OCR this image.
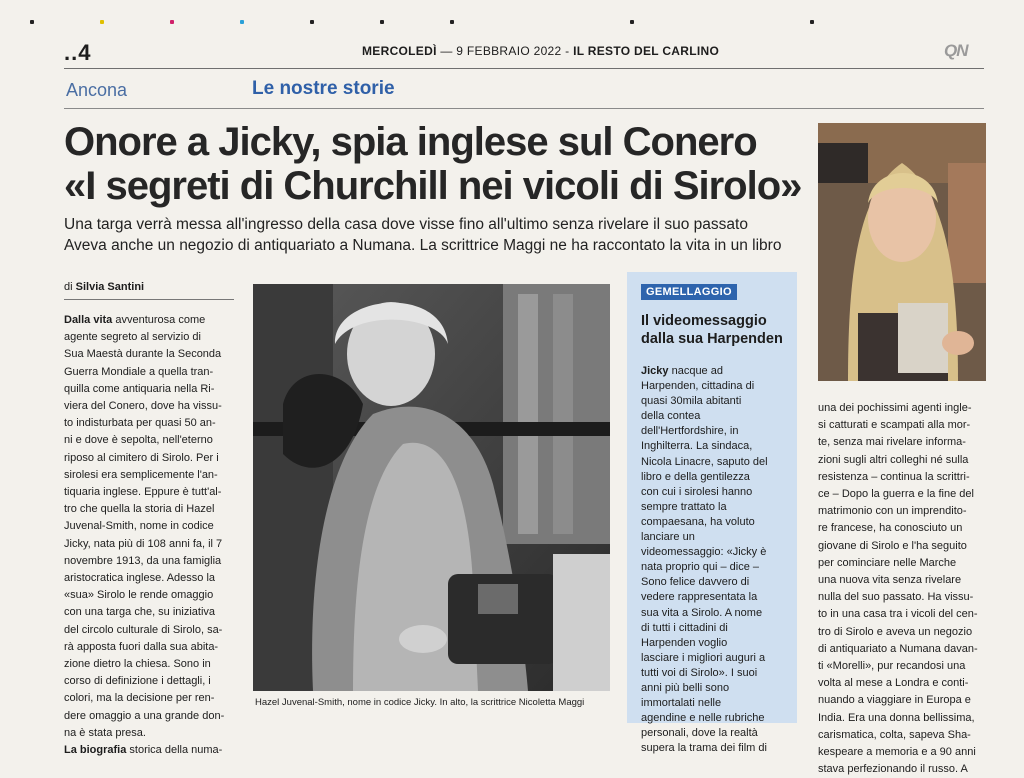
..4	MERCOLEDÌ — 9 FEBBRAIO 2022 - IL RESTO DEL CARLINO	QN
Ancona	Le nostre storie
Onore a Jicky, spia inglese sul Conero
«I segreti di Churchill nei vicoli di Sirolo»
Una targa verrà messa all'ingresso della casa dove visse fino all'ultimo senza rivelare il suo passato
Aveva anche un negozio di antiquariato a Numana. La scrittrice Maggi ne ha raccontato la vita in un libro
di Silvia Santini
Dalla vita avventurosa come
agente segreto al servizio di
Sua Maestà durante la Seconda
Guerra Mondiale a quella tran-
quilla come antiquaria nella Ri-
viera del Conero, dove ha vissu-
to indisturbata per quasi 50 an-
ni e dove è sepolta, nell'eterno
riposo al cimitero di Sirolo. Per i
sirolesi era semplicemente l'an-
tiquaria inglese. Eppure è tutt'al-
tro che quella la storia di Hazel
Juvenal-Smith, nome in codice
Jicky, nata più di 108 anni fa, il 7
novembre 1913, da una famiglia
aristocratica inglese. Adesso la
«sua» Sirolo le rende omaggio
con una targa che, su iniziativa
del circolo culturale di Sirolo, sa-
rà apposta fuori dalla sua abita-
zione dietro la chiesa. Sono in
corso di definizione i dettagli, i
colori, ma la decisione per ren-
dere omaggio a una grande don-
na è stata presa.
La biografia storica della numa-
Hazel Juvenal-Smith, nome in codice Jicky. In alto, la scrittrice Nicoletta Maggi
GEMELLAGGIO
Il videomessaggio
dalla sua Harpenden
Jicky nacque ad
Harpenden, cittadina di
quasi 30mila abitanti
della contea
dell'Hertfordshire, in
Inghilterra. La sindaca,
Nicola Linacre, saputo del
libro e della gentilezza
con cui i sirolesi hanno
sempre trattato la
compaesana, ha voluto
lanciare un
videomessaggio: «Jicky è
nata proprio qui – dice –
Sono felice davvero di
vedere rappresentata la
sua vita a Sirolo. A nome
di tutti i cittadini di
Harpenden voglio
lasciare i migliori auguri a
tutti voi di Sirolo». I suoi
anni più belli sono
immortalati nelle
agendine e nelle rubriche
personali, dove la realtà
supera la trama dei film di
una dei pochissimi agenti ingle-
si catturati e scampati alla mor-
te, senza mai rivelare informa-
zioni sugli altri colleghi né sulla
resistenza – continua la scrittri-
ce – Dopo la guerra e la fine del
matrimonio con un imprendito-
re francese, ha conosciuto un
giovane di Sirolo e l'ha seguito
per cominciare nelle Marche
una nuova vita senza rivelare
nulla del suo passato. Ha vissu-
to in una casa tra i vicoli del cen-
tro di Sirolo e aveva un negozio
di antiquariato a Numana davan-
ti «Morelli», pur recandosi una
volta al mese a Londra e conti-
nuando a viaggiare in Europa e
India. Era una donna bellissima,
carismatica, colta, sapeva Sha-
kespeare a memoria e a 90 anni
stava perfezionando il russo. A
